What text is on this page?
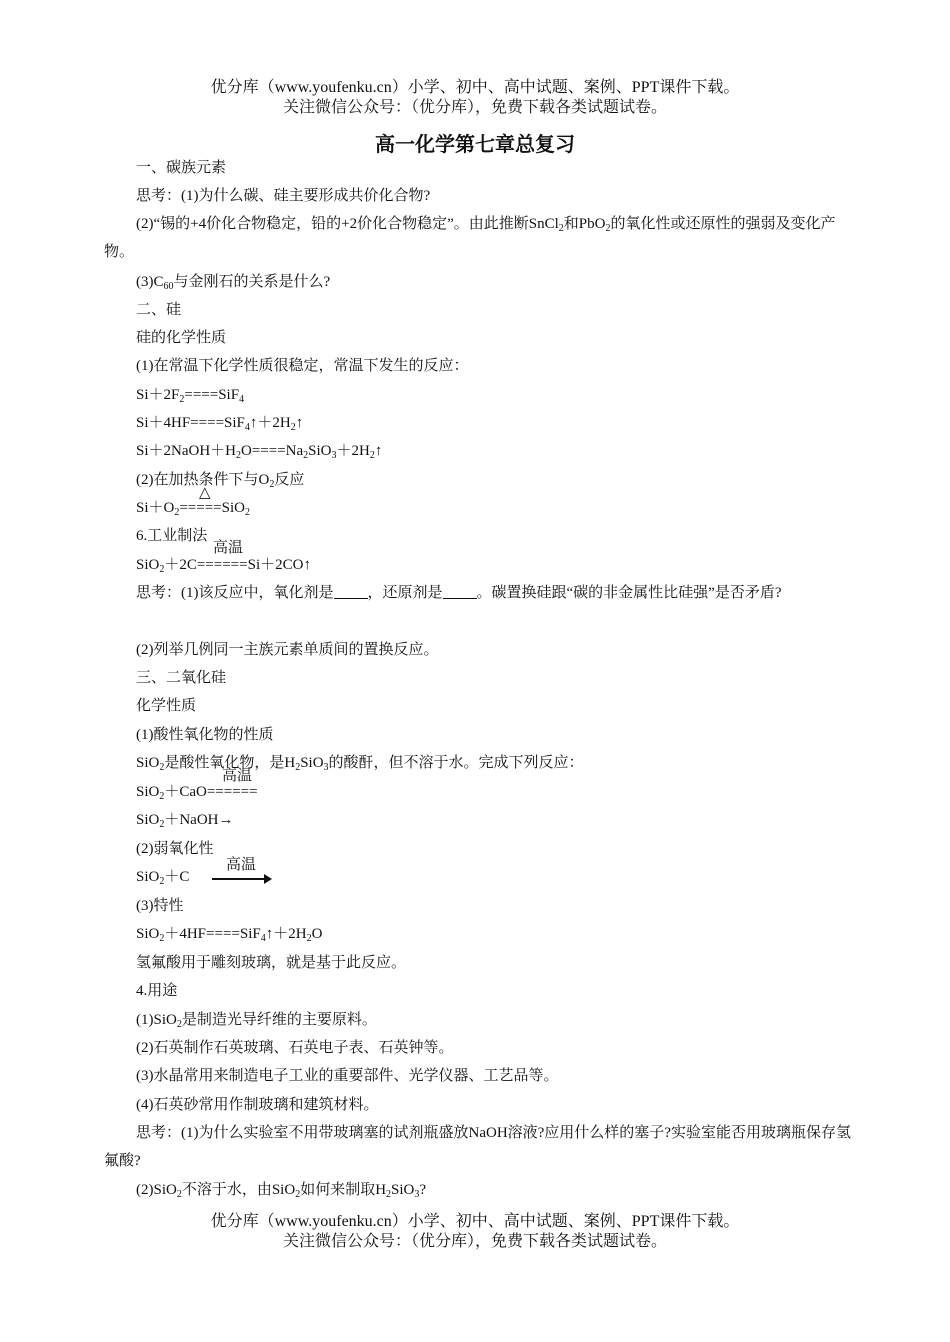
优分库（www.youfenku.cn）小学、初中、高中试题、案例、PPT课件下载。
关注微信公众号：（优分库），免费下载各类试题试卷。
高一化学第七章总复习
一、碳族元素
思考：(1)为什么碳、硅主要形成共价化合物?
(2)“锡的+4价化合物稳定，铅的+2价化合物稳定”。由此推断SnCl$_2$和PbO$_2$的氧化性或还原性的强弱及变化产物。
$(3)C_{60}$与金刚石的关系是什么?
二、硅
硅的化学性质
(1)在常温下化学性质很稳定，常温下发生的反应：
$Si+2F_2====SiF_4$
$Si+4HF====SiF_4↑+2H_2↑$
$Si+2NaOH+H_2O====Na_2SiO_3+2H_2↑$
(2)在加热条件下与$O_2$反应
△
$Si+O_2=====SiO_2$
6.工业制法
高温
SiO$_2$＋2C======Si＋2CO↑
思考：(1)该反应中，氧化剂是 ，还原剂是 。碳置换硅跟“碳的非金属性比硅强”是否矛盾?
(2)列举几例同一主族元素单质间的置换反应。
三、二氧化硅
化学性质
(1)酸性氧化物的性质
SiO$_2$是酸性氧化物，是$H_2SiO_3$的酸酐，但不溶于水。完成下列反应：
高温
SiO$_2$＋CaO======
SiO$_2$＋NaOH→
(2)弱氧化性
高温
SiO$_2$＋C →
(3)特性
$SiO_2+4HF====SiF_4↑+2H_2O$
氢氟酸用于雕刻玻璃，就是基于此反应。
4.用途
(1)SiO$_2$是制造光导纤维的主要原料。
(2)石英制作石英玻璃、石英电子表、石英钟等。
(3)水晶常用来制造电子工业的重要部件、光学仪器、工艺品等。
(4)石英砂常用作制玻璃和建筑材料。
思考：(1)为什么实验室不用带玻璃塞的试剂瓶盛放NaOH溶液?应用什么样的塞子?实验室能否用玻璃瓶保存氢氟酸?
(2)SiO$_2$不溶于水，由SiO$_2$如何来制取$H_2SiO_3$?
优分库（www.youfenku.cn）小学、初中、高中试题、案例、PPT课件下载。
关注微信公众号：（优分库），免费下载各类试题试卷。
